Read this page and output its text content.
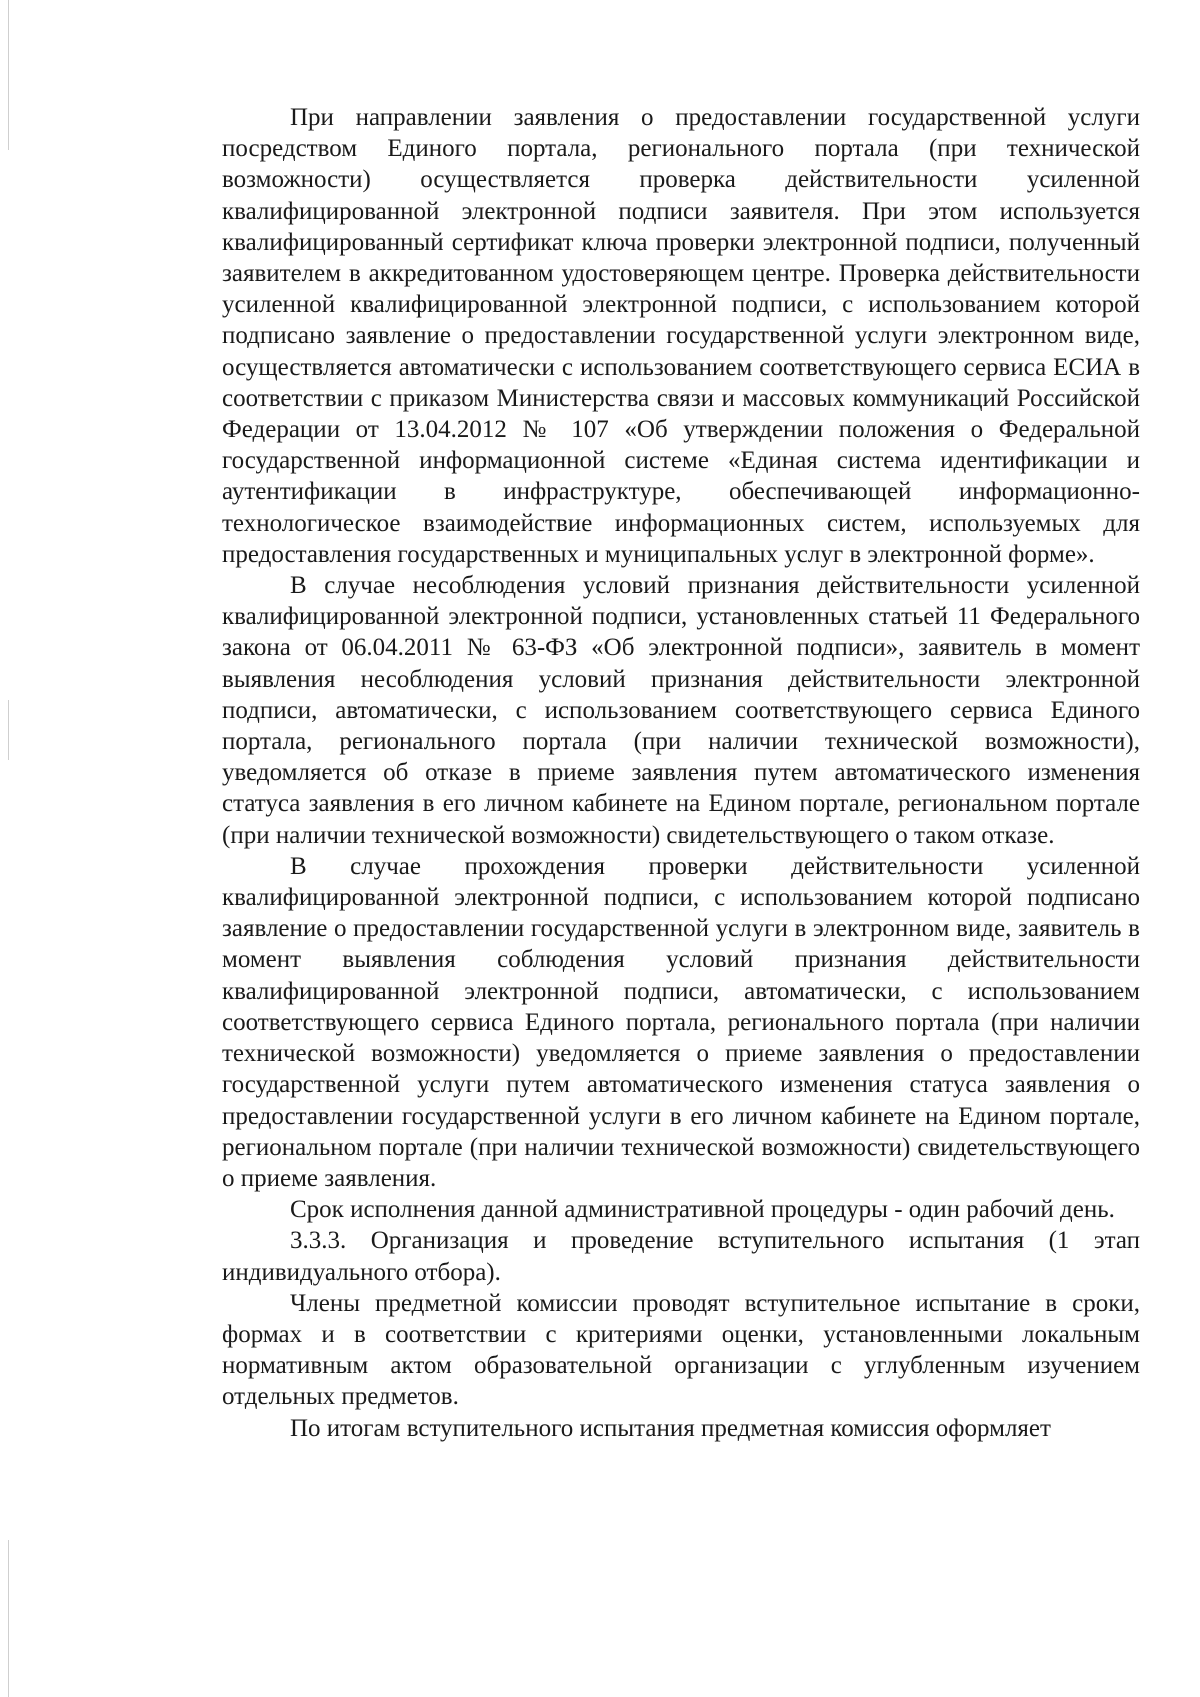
При направлении заявления о предоставлении государственной услуги посредством Единого портала, регионального портала (при технической возможности) осуществляется проверка действительности усиленной квалифицированной электронной подписи заявителя. При этом используется квалифицированный сертификат ключа проверки электронной подписи, полученный заявителем в аккредитованном удостоверяющем центре. Проверка действительности усиленной квалифицированной электронной подписи, с использованием которой подписано заявление о предоставлении государственной услуги электронном виде, осуществляется автоматически с использованием соответствующего сервиса ЕСИА в соответствии с приказом Министерства связи и массовых коммуникаций Российской Федерации от 13.04.2012 № 107 «Об утверждении положения о Федеральной государственной информационной системе «Единая система идентификации и аутентификации в инфраструктуре, обеспечивающей информационно-технологическое взаимодействие информационных систем, используемых для предоставления государственных и муниципальных услуг в электронной форме».

В случае несоблюдения условий признания действительности усиленной квалифицированной электронной подписи, установленных статьей 11 Федерального закона от 06.04.2011 № 63-ФЗ «Об электронной подписи», заявитель в момент выявления несоблюдения условий признания действительности электронной подписи, автоматически, с использованием соответствующего сервиса Единого портала, регионального портала (при наличии технической возможности), уведомляется об отказе в приеме заявления путем автоматического изменения статуса заявления в его личном кабинете на Едином портале, региональном портале (при наличии технической возможности) свидетельствующего о таком отказе.

В случае прохождения проверки действительности усиленной квалифицированной электронной подписи, с использованием которой подписано заявление о предоставлении государственной услуги в электронном виде, заявитель в момент выявления соблюдения условий признания действительности квалифицированной электронной подписи, автоматически, с использованием соответствующего сервиса Единого портала, регионального портала (при наличии технической возможности) уведомляется о приеме заявления о предоставлении государственной услуги путем автоматического изменения статуса заявления о предоставлении государственной услуги в его личном кабинете на Едином портале, региональном портале (при наличии технической возможности) свидетельствующего о приеме заявления.

Срок исполнения данной административной процедуры - один рабочий день.

3.3.3. Организация и проведение вступительного испытания (1 этап индивидуального отбора).

Члены предметной комиссии проводят вступительное испытание в сроки, формах и в соответствии с критериями оценки, установленными локальным нормативным актом образовательной организации с углубленным изучением отдельных предметов.

По итогам вступительного испытания предметная комиссия оформляет
